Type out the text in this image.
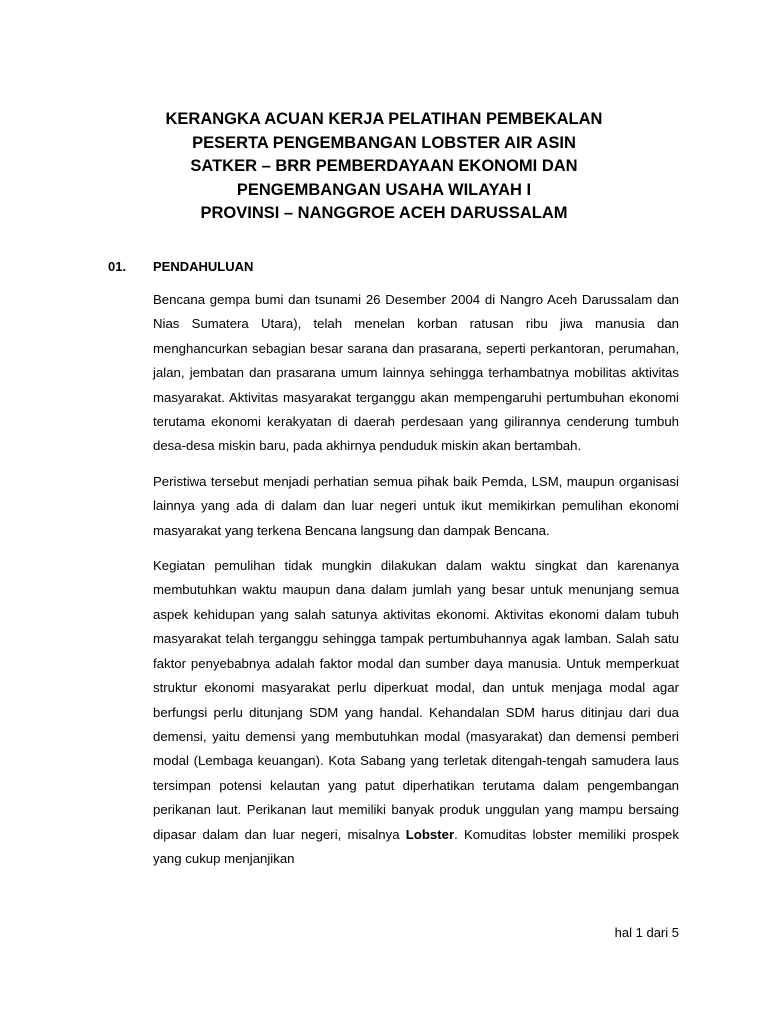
KERANGKA ACUAN KERJA PELATIHAN PEMBEKALAN
PESERTA PENGEMBANGAN LOBSTER AIR ASIN
SATKER – BRR PEMBERDAYAAN EKONOMI DAN
PENGEMBANGAN USAHA WILAYAH I
PROVINSI – NANGGROE ACEH DARUSSALAM
01. PENDAHULUAN

Bencana gempa bumi dan tsunami 26 Desember 2004 di Nangro Aceh Darussalam dan Nias Sumatera Utara), telah menelan korban ratusan ribu jiwa manusia dan menghancurkan sebagian besar sarana dan prasarana, seperti perkantoran, perumahan, jalan, jembatan dan prasarana umum lainnya sehingga terhambatnya mobilitas aktivitas masyarakat. Aktivitas masyarakat terganggu akan mempengaruhi pertumbuhan ekonomi terutama ekonomi kerakyatan di daerah perdesaan yang gilirannya cenderung tumbuh desa-desa miskin baru, pada akhirnya penduduk miskin akan bertambah.

Peristiwa tersebut menjadi perhatian semua pihak baik Pemda, LSM, maupun organisasi lainnya yang ada di dalam dan luar negeri untuk ikut memikirkan pemulihan ekonomi masyarakat yang terkena Bencana langsung dan dampak Bencana.

Kegiatan pemulihan tidak mungkin dilakukan dalam waktu singkat dan karenanya membutuhkan waktu maupun dana dalam jumlah yang besar untuk menunjang semua aspek kehidupan yang salah satunya aktivitas ekonomi. Aktivitas ekonomi dalam tubuh masyarakat telah terganggu sehingga tampak pertumbuhannya agak lamban. Salah satu faktor penyebabnya adalah faktor modal dan sumber daya manusia. Untuk memperkuat struktur ekonomi masyarakat perlu diperkuat modal, dan untuk menjaga modal agar berfungsi perlu ditunjang SDM yang handal. Kehandalan SDM harus ditinjau dari dua demensi, yaitu demensi yang membutuhkan modal (masyarakat) dan demensi pemberi modal (Lembaga keuangan). Kota Sabang yang terletak ditengah-tengah samudera laus tersimpan potensi kelautan yang patut diperhatikan terutama dalam pengembangan perikanan laut. Perikanan laut memiliki banyak produk unggulan yang mampu bersaing dipasar dalam dan luar negeri, misalnya Lobster. Komuditas lobster memiliki prospek yang cukup menjanjikan

hal 1 dari 5
